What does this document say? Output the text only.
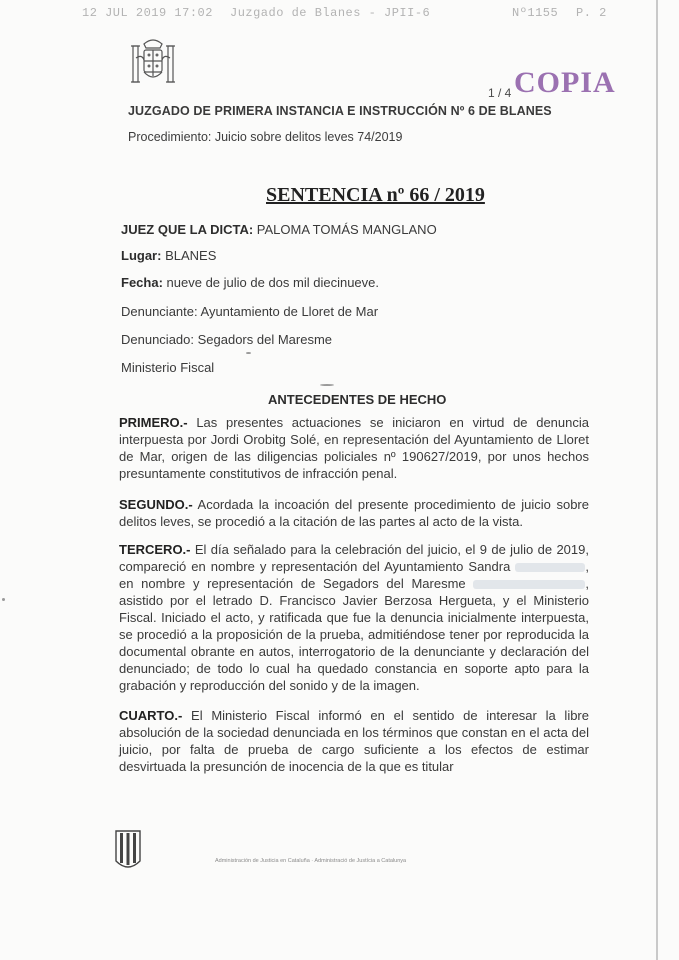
12 JUL 2019 17:02 Juzgado de Blanes - JPII-6	Nº1155 P. 2
COPIA
1 / 4
JUZGADO DE PRIMERA INSTANCIA E INSTRUCCIÓN Nº 6 DE BLANES
Procedimiento: Juicio sobre delitos leves 74/2019
SENTENCIA nº 66 / 2019
JUEZ QUE LA DICTA: PALOMA TOMÁS MANGLANO
Lugar: BLANES
Fecha: nueve de julio de dos mil diecinueve.
Denunciante: Ayuntamiento de Lloret de Mar
Denunciado: Segadors del Maresme
Ministerio Fiscal
ANTECEDENTES DE HECHO
PRIMERO.- Las presentes actuaciones se iniciaron en virtud de denuncia interpuesta por Jordi Orobitg Solé, en representación del Ayuntamiento de Lloret de Mar, origen de las diligencias policiales nº 190627/2019, por unos hechos presuntamente constitutivos de infracción penal.
SEGUNDO.- Acordada la incoación del presente procedimiento de juicio sobre delitos leves, se procedió a la citación de las partes al acto de la vista.
TERCERO.- El día señalado para la celebración del juicio, el 9 de julio de 2019, compareció en nombre y representación del Ayuntamiento Sandra	, en nombre y representación de Segadors del Maresme	, asistido por el letrado D. Francisco Javier Berzosa Hergueta, y el Ministerio Fiscal. Iniciado el acto, y ratificada que fue la denuncia inicialmente interpuesta, se procedió a la proposición de la prueba, admitiéndose tener por reproducida la documental obrante en autos, interrogatorio de la denunciante y declaración del denunciado; de todo lo cual ha quedado constancia en soporte apto para la grabación y reproducción del sonido y de la imagen.
CUARTO.- El Ministerio Fiscal informó en el sentido de interesar la libre absolución de la sociedad denunciada en los términos que constan en el acta del juicio, por falta de prueba de cargo suficiente a los efectos de estimar desvirtuada la presunción de inocencia de la que es titular
Administración de Justicia en Cataluña · Administració de Justícia a Catalunya
